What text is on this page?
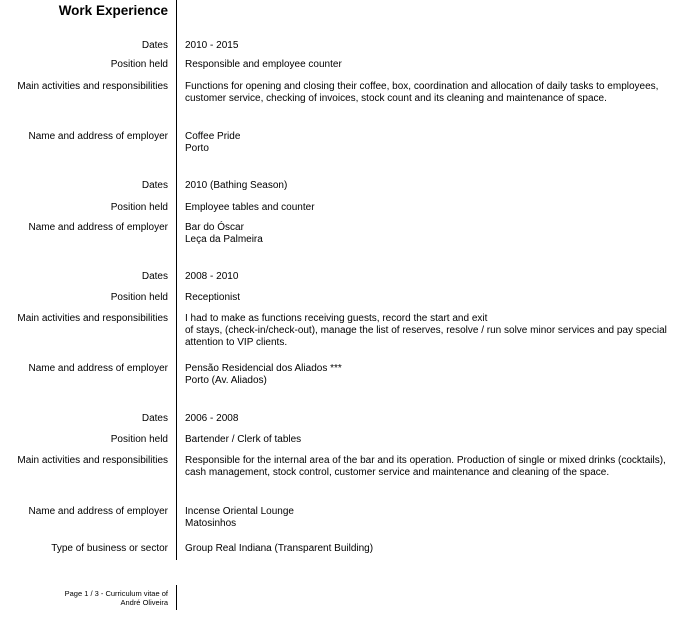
Work Experience
Dates 2010 - 2015
Position held Responsible and employee counter
Main activities and responsibilities Functions for opening and closing their coffee, box, coordination and allocation of daily tasks to employees, customer service, checking of invoices, stock count and its cleaning and maintenance of space.
Name and address of employer Coffee Pride
Porto
Dates 2010 (Bathing Season)
Position held Employee tables and counter
Name and address of employer Bar do Óscar
Leça da Palmeira
Dates 2008 - 2010
Position held Receptionist
Main activities and responsibilities I had to make as functions receiving guests, record the start and exit
of stays, (check-in/check-out), manage the list of reserves, resolve / run solve minor services and pay special attention to VIP clients.
Name and address of employer Pensão Residencial dos Aliados ***
Porto (Av. Aliados)
Dates 2006 - 2008
Position held Bartender / Clerk of tables
Main activities and responsibilities Responsible for the internal area of the bar and its operation. Production of single or mixed drinks (cocktails), cash management, stock control, customer service and maintenance and cleaning of the space.
Name and address of employer Incense Oriental Lounge
Matosinhos
Type of business or sector Group Real Indiana (Transparent Building)
Page 1 / 3 - Curriculum vitae of
André Oliveira
